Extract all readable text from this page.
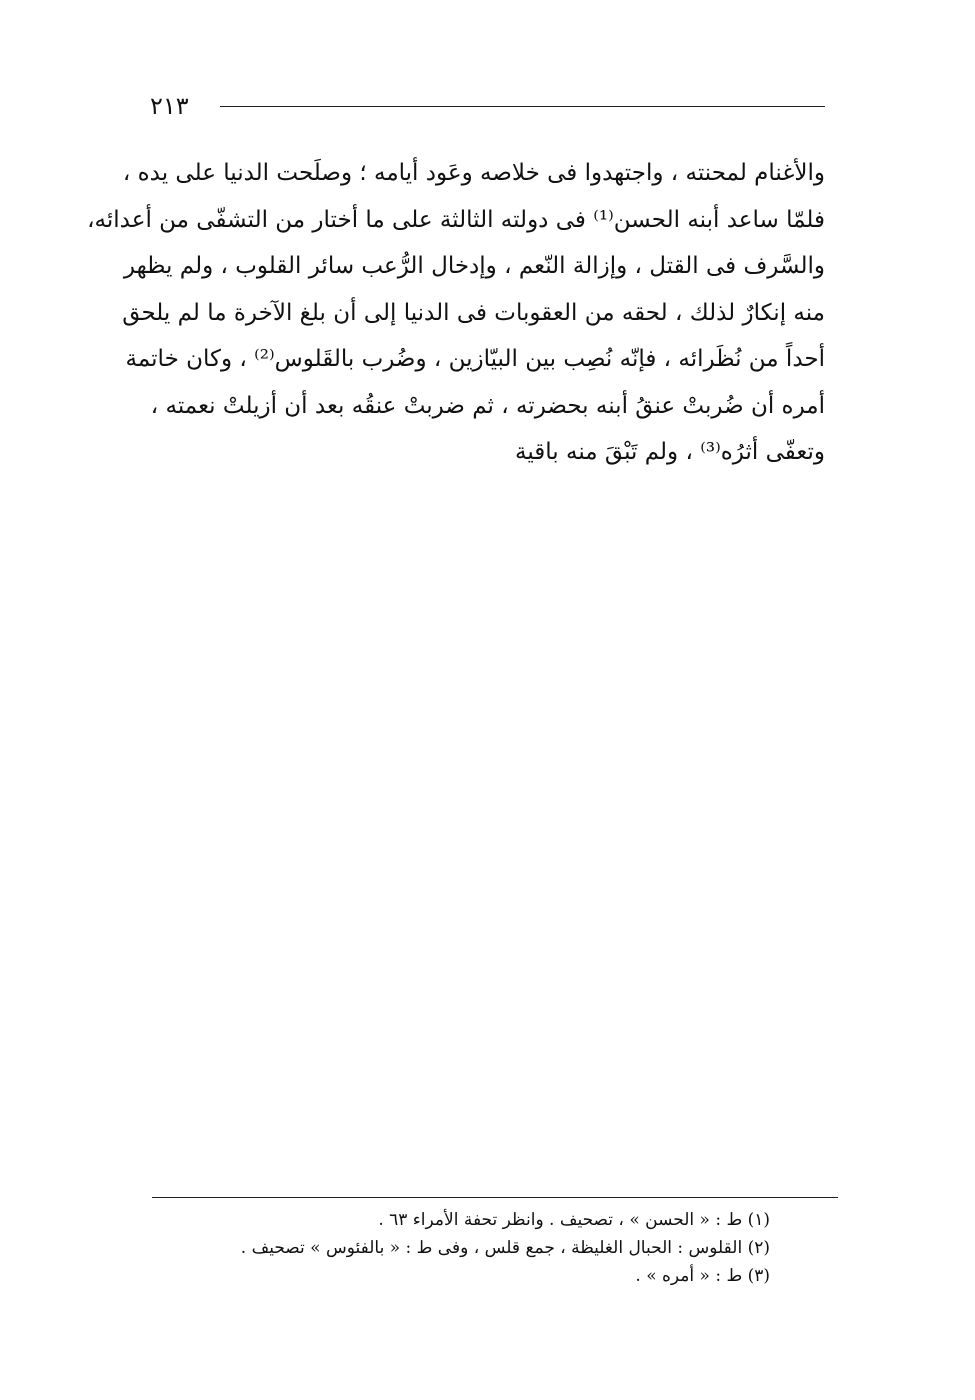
٢١٣
والأغنام لمحنته ، واجتهدوا فى خلاصه وعَود أيامه ؛ وصلَحت الدنيا على يده ،
فلمّا ساعد أبنه الحسن⁽¹⁾ فى دولته الثالثة على ما أختار من التشفّى من أعدائه،
والسَّرف فى القتل ، وإزالة النّعم ، وإدخال الرُّعب سائر القلوب ، ولم يظهر
منه إنكارٌ لذلك ، لحقه من العقوبات فى الدنيا إلى أن بلغ الآخرة ما لم يلحق
أحداً من نُظَرائه ، فإنّه نُصِب بين البيّازين ، وضُرب بالقَلوس⁽²⁾ ، وكان خاتمة
أمره أن ضُربتْ عنقُ أبنه بحضرته ، ثم ضربتْ عنقُه بعد أن أزيلتْ نعمته ،
وتعفّى أثرُه⁽³⁾ ، ولم تَبْقَ منه باقية
(١) ط : « الحسن » ، تصحيف . وانظر تحفة الأمراء ٦٣ .
(٢) القلوس : الحبال الغليظة ، جمع قلس ، وفى ط : « بالفئوس » تصحيف .
(٣) ط : « أمره » .
